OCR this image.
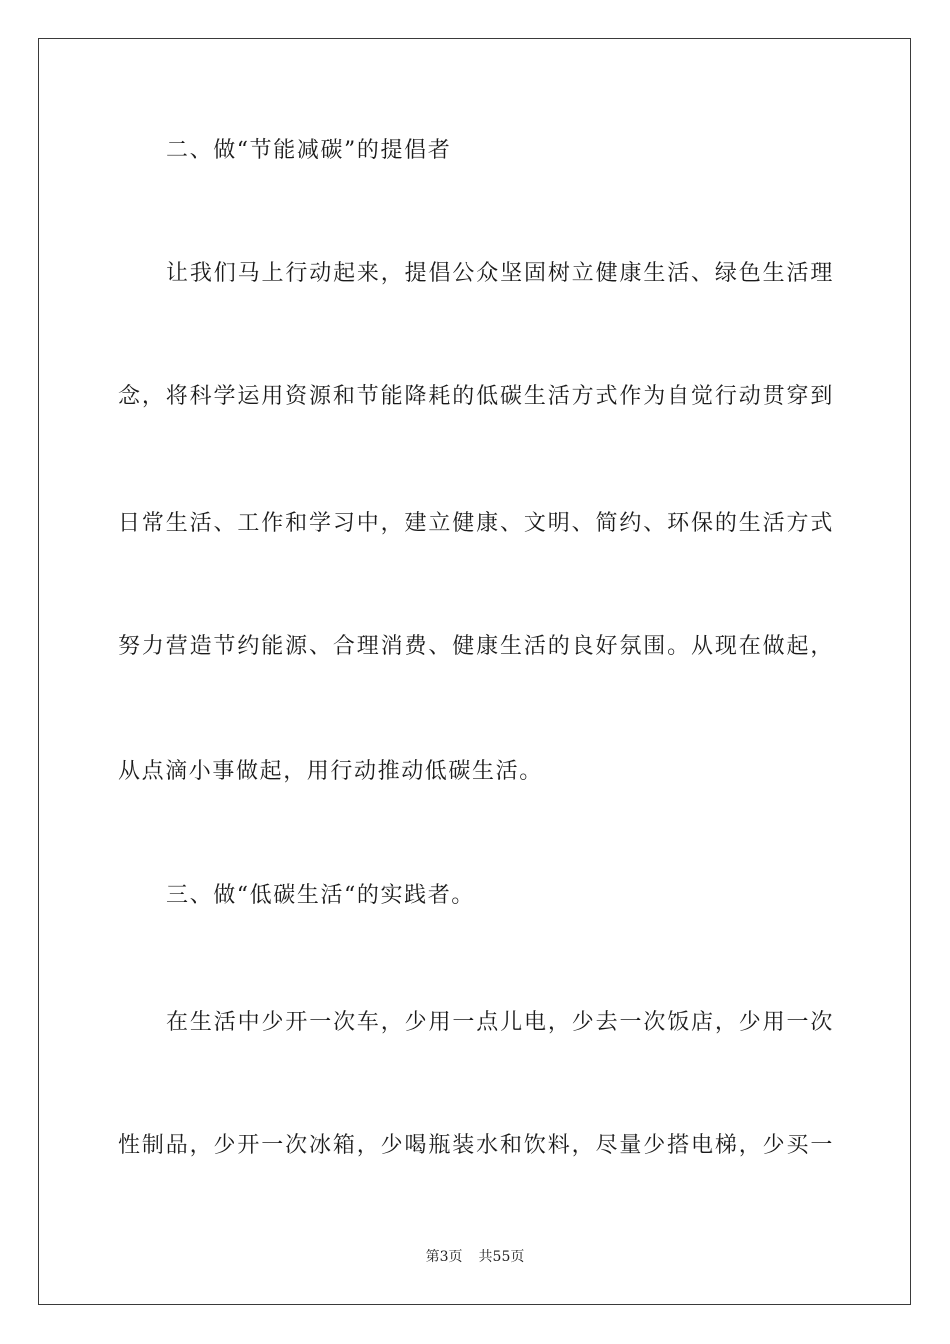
二、做“节能减碳”的提倡者
让我们马上行动起来，提倡公众坚固树立健康生活、绿色生活理
念，将科学运用资源和节能降耗的低碳生活方式作为自觉行动贯穿到
日常生活、工作和学习中，建立健康、文明、简约、环保的生活方式
努力营造节约能源、合理消费、健康生活的良好氛围。从现在做起，
从点滴小事做起，用行动推动低碳生活。
三、做“低碳生活“的实践者。
在生活中少开一次车，少用一点儿电，少去一次饭店，少用一次
性制品，少开一次冰箱，少喝瓶装水和饮料，尽量少搭电梯，少买一
第3页 共55页
